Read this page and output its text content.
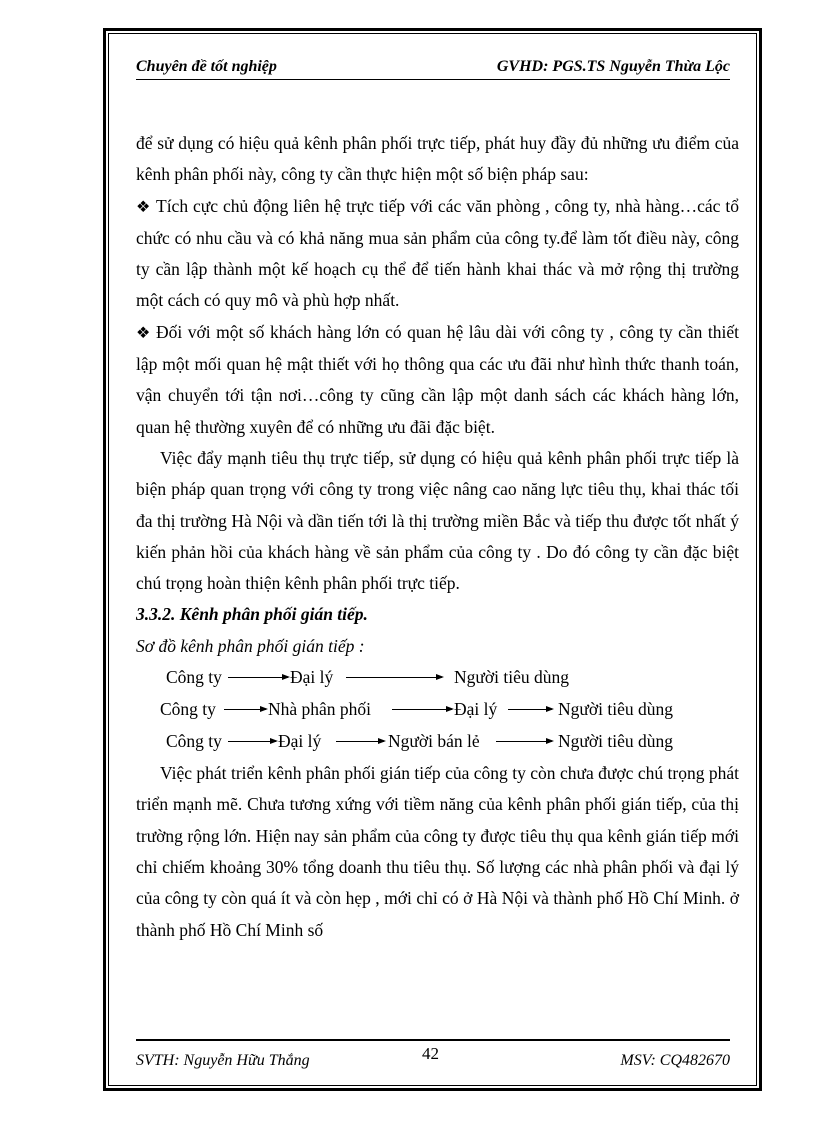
Chuyên đề tốt nghiệp	GVHD: PGS.TS Nguyễn Thừa Lộc

để sử dụng có hiệu quả kênh phân phối trực tiếp, phát huy đầy đủ những ưu điểm của kênh phân phối này, công ty cần thực hiện một số biện pháp sau:

❖ Tích cực chủ động liên hệ trực tiếp với các văn phòng , công ty, nhà hàng…các tổ chức có nhu cầu và có khả năng mua sản phẩm của công ty.để làm tốt điều này, công ty cần lập thành một kế hoạch cụ thể để tiến hành khai thác và mở rộng thị trường một cách có quy mô và phù hợp nhất.

❖ Đối với một số khách hàng lớn có quan hệ lâu dài với công ty , công ty cần thiết lập một mối quan hệ mật thiết với họ thông qua các ưu đãi như hình thức thanh toán, vận chuyển tới tận nơi…công ty cũng cần lập một danh sách các khách hàng lớn, quan hệ thường xuyên để có những ưu đãi đặc biệt.

Việc đẩy mạnh tiêu thụ trực tiếp, sử dụng có hiệu quả kênh phân phối trực tiếp là biện pháp quan trọng với công ty trong việc nâng cao năng lực tiêu thụ, khai thác tối đa thị trường Hà Nội và dần tiến tới là thị trường miền Bắc và tiếp thu được tốt nhất ý kiến phản hồi của khách hàng về sản phẩm của công ty . Do đó công ty cần đặc biệt chú trọng hoàn thiện kênh phân phối trực tiếp.

3.3.2. Kênh phân phối gián tiếp.

Sơ đồ kênh phân phối gián tiếp :

Công ty	Đại lý	Người tiêu dùng
Công ty	Nhà phân phối	Đại lý	Người tiêu dùng
Công ty	Đại lý	Người bán lẻ	Người tiêu dùng

Việc phát triển kênh phân phối gián tiếp của công ty còn chưa được chú trọng phát triển mạnh mẽ. Chưa tương xứng với tiềm năng của kênh phân phối gián tiếp, của thị trường rộng lớn. Hiện nay sản phẩm của công ty được tiêu thụ qua kênh gián tiếp mới chỉ chiếm khoảng 30% tổng doanh thu tiêu thụ. Số lượng các nhà phân phối và đại lý của công ty còn quá ít và còn hẹp , mới chỉ có ở Hà Nội và thành phố Hồ Chí Minh. ở thành phố Hồ Chí Minh số

SVTH: Nguyễn Hữu Thắng	42	MSV: CQ482670
